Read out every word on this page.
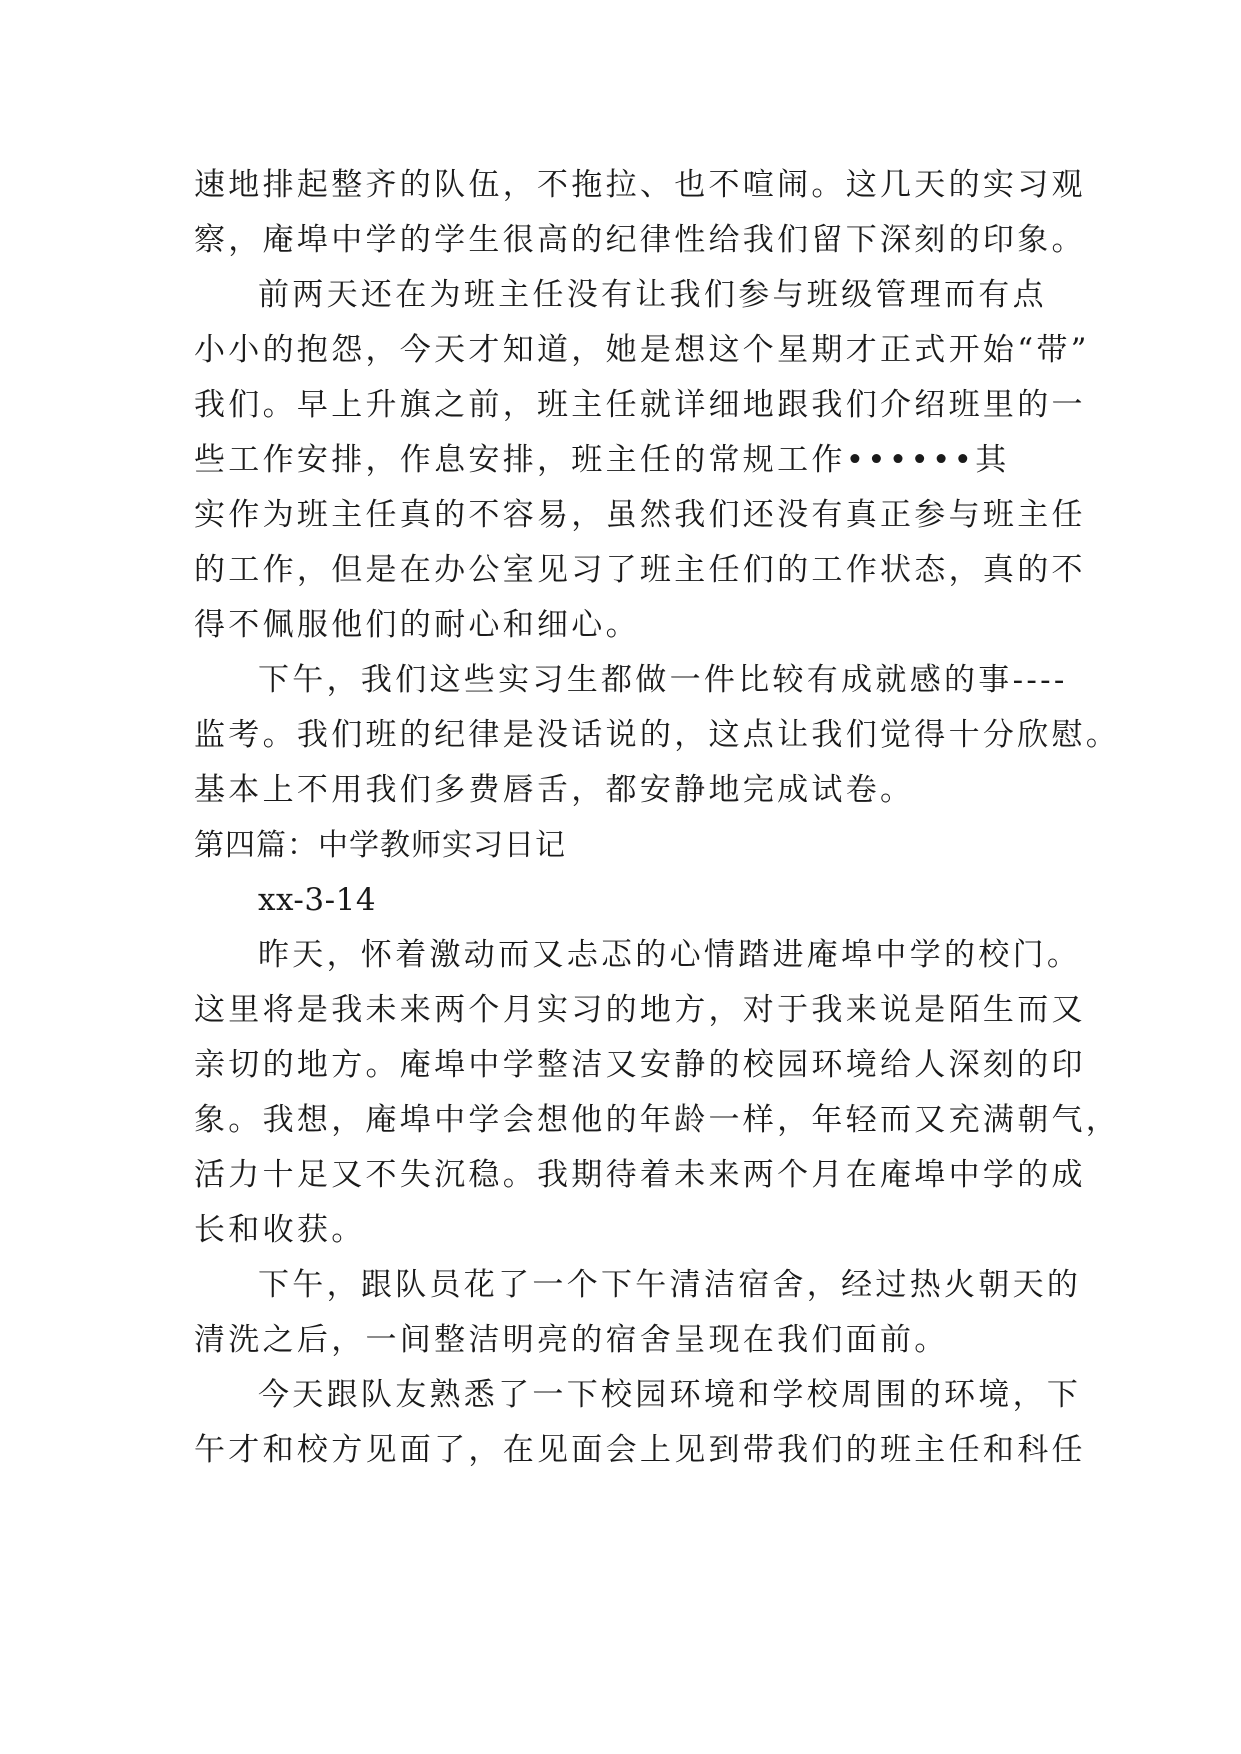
速地排起整齐的队伍，不拖拉、也不喧闹。这几天的实习观
察，庵埠中学的学生很高的纪律性给我们留下深刻的印象。
前两天还在为班主任没有让我们参与班级管理而有点
小小的抱怨，今天才知道，她是想这个星期才正式开始“带”
我们。早上升旗之前，班主任就详细地跟我们介绍班里的一
些工作安排，作息安排，班主任的常规工作••••••其
实作为班主任真的不容易，虽然我们还没有真正参与班主任
的工作，但是在办公室见习了班主任们的工作状态，真的不
得不佩服他们的耐心和细心。
下午，我们这些实习生都做一件比较有成就感的事----
监考。我们班的纪律是没话说的，这点让我们觉得十分欣慰。
基本上不用我们多费唇舌，都安静地完成试卷。
第四篇：中学教师实习日记
xx-3-14
昨天，怀着激动而又忐忑的心情踏进庵埠中学的校门。
这里将是我未来两个月实习的地方，对于我来说是陌生而又
亲切的地方。庵埠中学整洁又安静的校园环境给人深刻的印
象。我想，庵埠中学会想他的年龄一样，年轻而又充满朝气，
活力十足又不失沉稳。我期待着未来两个月在庵埠中学的成
长和收获。
下午，跟队员花了一个下午清洁宿舍，经过热火朝天的
清洗之后，一间整洁明亮的宿舍呈现在我们面前。
今天跟队友熟悉了一下校园环境和学校周围的环境，下
午才和校方见面了，在见面会上见到带我们的班主任和科任
